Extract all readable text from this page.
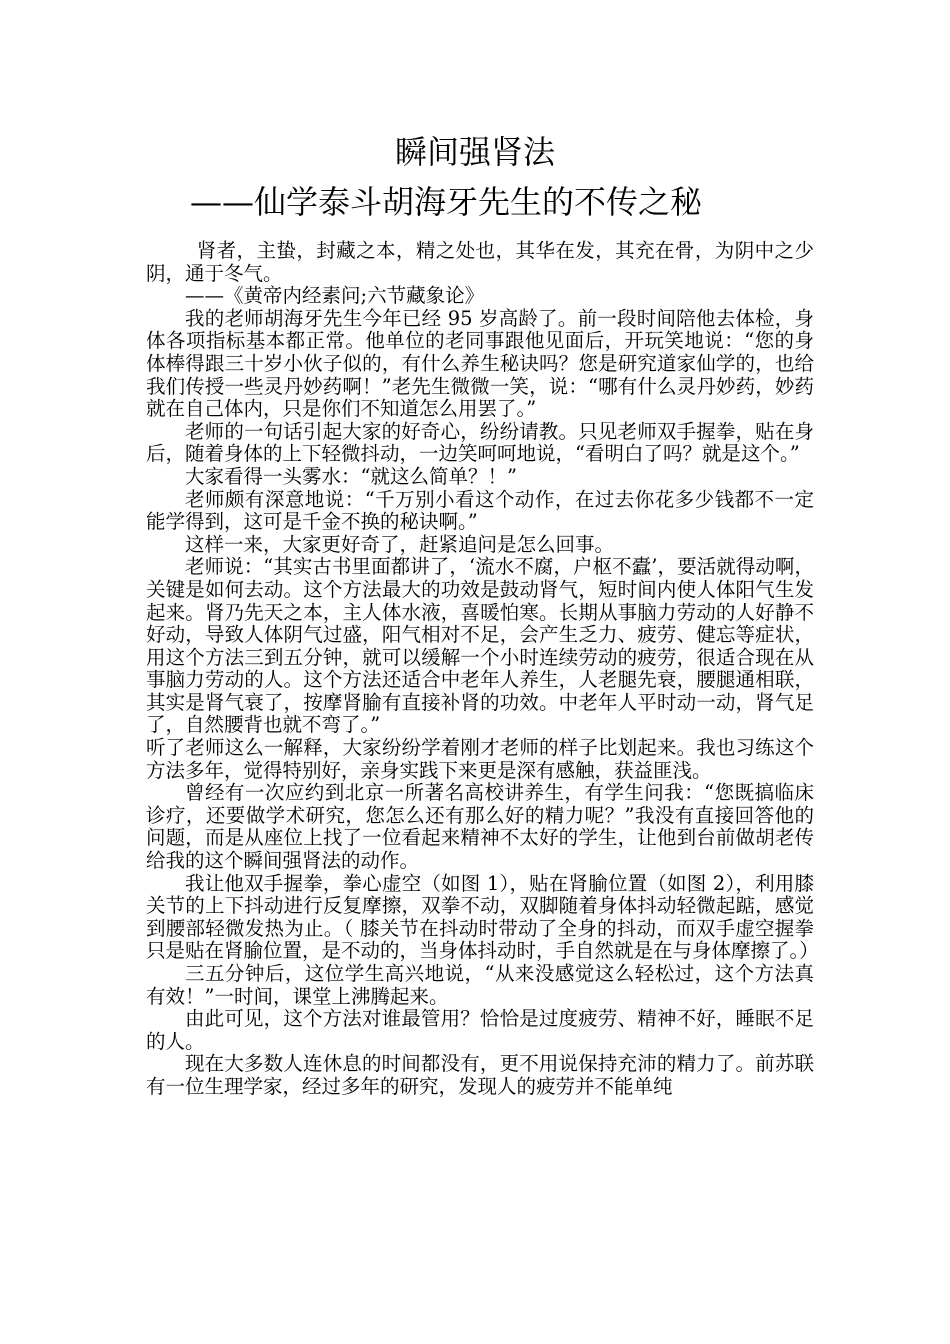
瞬间强肾法
——仙学泰斗胡海牙先生的不传之秘

肾者，主蛰，封藏之本，精之处也，其华在发，其充在骨，为阴中之少阴，通于冬气。

——《黄帝内经素问;六节藏象论》

我的老师胡海牙先生今年已经 95 岁高龄了。前一段时间陪他去体检，身体各项指标基本都正常。他单位的老同事跟他见面后，开玩笑地说：“您的身体棒得跟三十岁小伙子似的，有什么养生秘诀吗？您是研究道家仙学的，也给我们传授一些灵丹妙药啊！”老先生微微一笑，说：“哪有什么灵丹妙药，妙药就在自己体内，只是你们不知道怎么用罢了。”

老师的一句话引起大家的好奇心，纷纷请教。只见老师双手握拳，贴在身后，随着身体的上下轻微抖动，一边笑呵呵地说，“看明白了吗？就是这个。”

大家看得一头雾水：“就这么简单？！”

老师颇有深意地说：“千万别小看这个动作，在过去你花多少钱都不一定能学得到，这可是千金不换的秘诀啊。”

这样一来，大家更好奇了，赶紧追问是怎么回事。

老师说：“其实古书里面都讲了，‘流水不腐，户枢不蠹’，要活就得动啊，关键是如何去动。这个方法最大的功效是鼓动肾气，短时间内使人体阳气生发起来。肾乃先天之本，主人体水液，喜暖怕寒。长期从事脑力劳动的人好静不好动，导致人体阴气过盛，阳气相对不足，会产生乏力、疲劳、健忘等症状，用这个方法三到五分钟，就可以缓解一个小时连续劳动的疲劳，很适合现在从事脑力劳动的人。这个方法还适合中老年人养生，人老腿先衰，腰腿通相联，其实是肾气衰了，按摩肾腧有直接补肾的功效。中老年人平时动一动，肾气足了，自然腰背也就不弯了。”

听了老师这么一解释，大家纷纷学着刚才老师的样子比划起来。我也习练这个方法多年，觉得特别好，亲身实践下来更是深有感触，获益匪浅。

曾经有一次应约到北京一所著名高校讲养生，有学生问我：“您既搞临床诊疗，还要做学术研究，您怎么还有那么好的精力呢？”我没有直接回答他的问题，而是从座位上找了一位看起来精神不太好的学生，让他到台前做胡老传给我的这个瞬间强肾法的动作。

我让他双手握拳，拳心虚空（如图 1），贴在肾腧位置（如图 2），利用膝关节的上下抖动进行反复摩擦，双拳不动，双脚随着身体抖动轻微起踮，感觉到腰部轻微发热为止。（ 膝关节在抖动时带动了全身的抖动，而双手虚空握拳只是贴在肾腧位置，是不动的，当身体抖动时，手自然就是在与身体摩擦了。）

三五分钟后，这位学生高兴地说，“从来没感觉这么轻松过，这个方法真有效！”一时间，课堂上沸腾起来。

由此可见，这个方法对谁最管用？恰恰是过度疲劳、精神不好，睡眠不足的人。

现在大多数人连休息的时间都没有，更不用说保持充沛的精力了。前苏联有一位生理学家，经过多年的研究，发现人的疲劳并不能单纯
